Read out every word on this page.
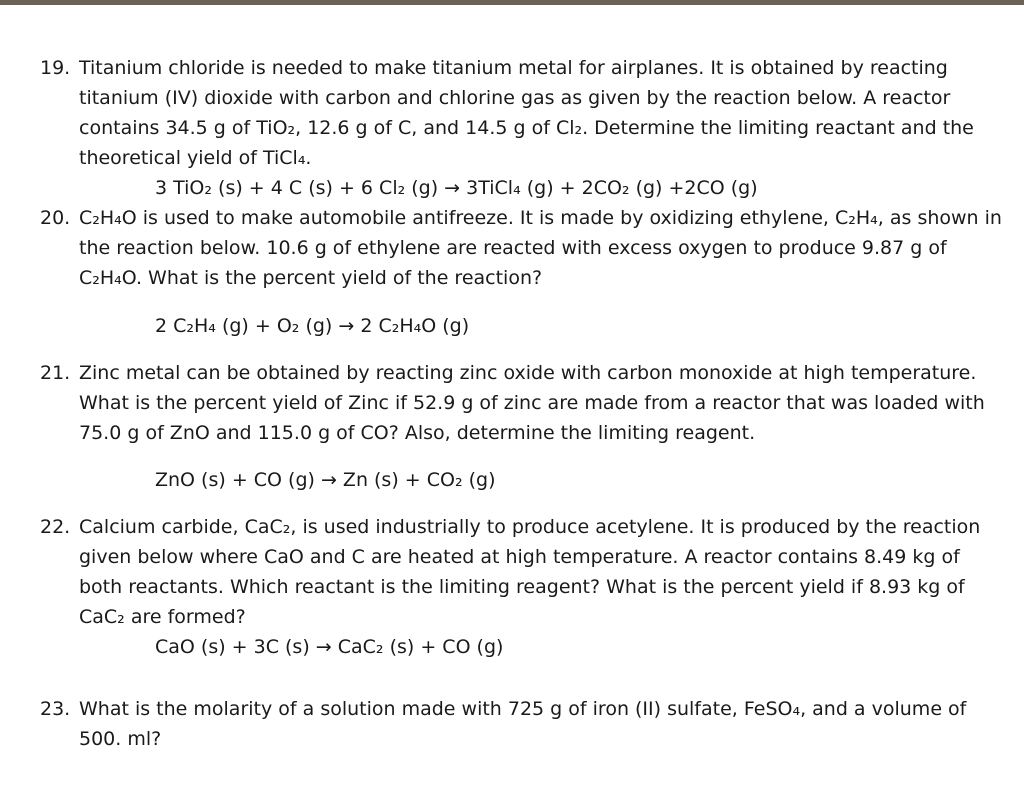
19. Titanium chloride is needed to make titanium metal for airplanes. It is obtained by reacting
titanium (IV) dioxide with carbon and chlorine gas as given by the reaction below. A reactor
contains 34.5 g of TiO₂, 12.6 g of C, and 14.5 g of Cl₂. Determine the limiting reactant and the
theoretical yield of TiCl₄.
3 TiO₂ (s) + 4 C (s) + 6 Cl₂ (g) → 3TiCl₄ (g) + 2CO₂ (g) +2CO (g)
20. C₂H₄O is used to make automobile antifreeze. It is made by oxidizing ethylene, C₂H₄, as shown in
the reaction below. 10.6 g of ethylene are reacted with excess oxygen to produce 9.87 g of
C₂H₄O. What is the percent yield of the reaction?
2 C₂H₄ (g) + O₂ (g) → 2 C₂H₄O (g)
21. Zinc metal can be obtained by reacting zinc oxide with carbon monoxide at high temperature.
What is the percent yield of Zinc if 52.9 g of zinc are made from a reactor that was loaded with
75.0 g of ZnO and 115.0 g of CO? Also, determine the limiting reagent.
ZnO (s) + CO (g) → Zn (s) + CO₂ (g)
22. Calcium carbide, CaC₂, is used industrially to produce acetylene. It is produced by the reaction
given below where CaO and C are heated at high temperature. A reactor contains 8.49 kg of
both reactants. Which reactant is the limiting reagent? What is the percent yield if 8.93 kg of
CaC₂ are formed?
CaO (s) + 3C (s) → CaC₂ (s) + CO (g)
23. What is the molarity of a solution made with 725 g of iron (II) sulfate, FeSO₄, and a volume of
500. ml?
